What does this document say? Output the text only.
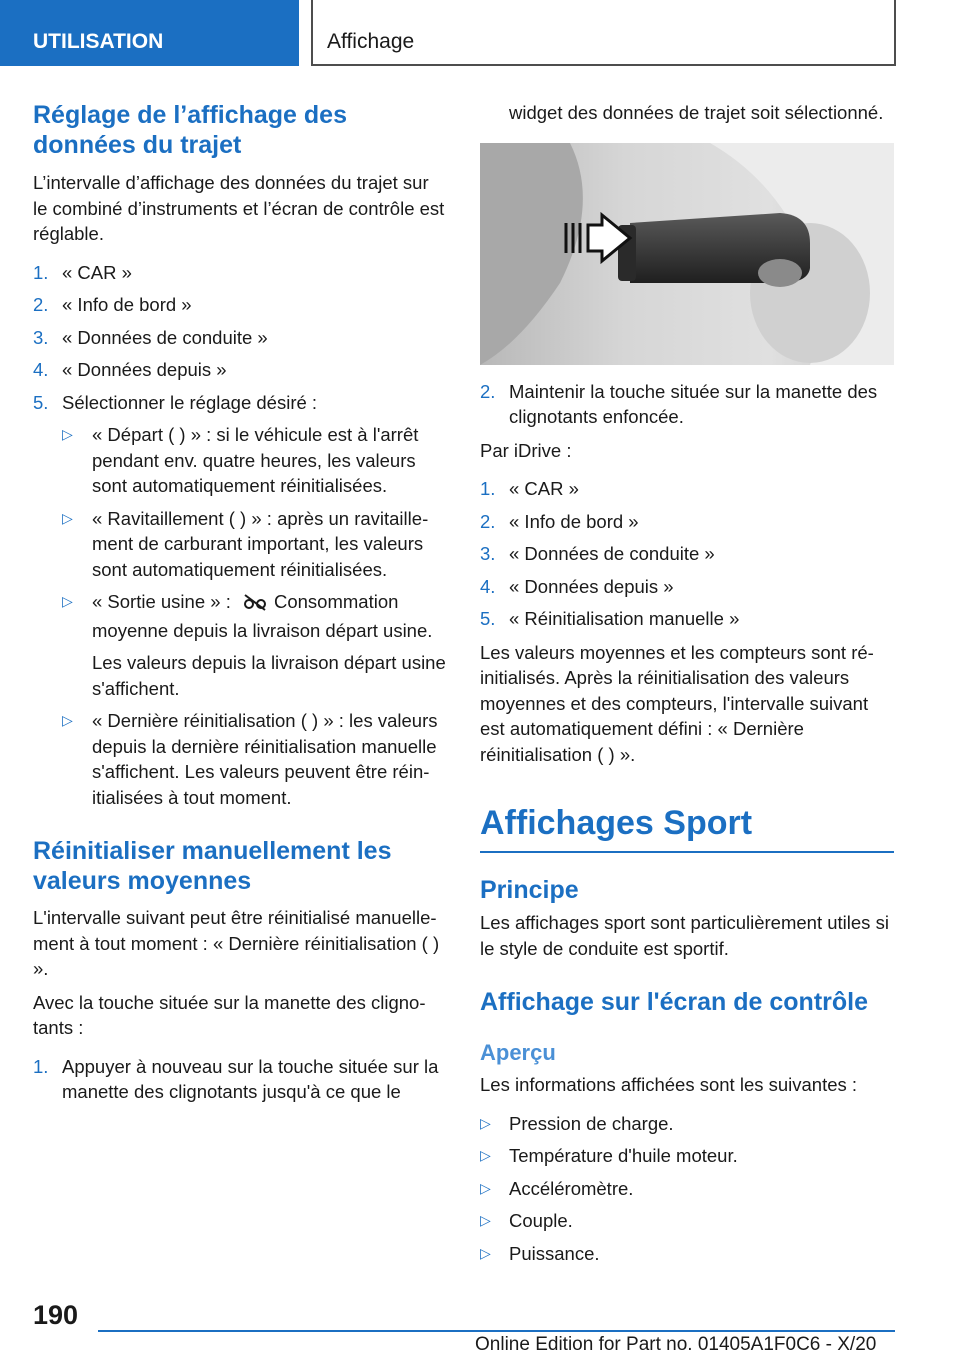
UTILISATION	Affichage
Réglage de l’affichage des données du trajet

L’intervalle d’affichage des données du trajet sur le combiné d’instruments et l’écran de contrôle est réglable.

1. « CAR »
2. « Info de bord »
3. « Données de conduite »
4. « Données depuis »
5. Sélectionner le réglage désiré :
▷ « Départ ( ) » : si le véhicule est à l'arrêt pendant env. quatre heures, les valeurs sont automatiquement réinitialisées.
▷ « Ravitaillement ( ) » : après un ravitaillement de carburant important, les valeurs sont automatiquement réinitialisées.
▷ « Sortie usine » : Consommation moyenne depuis la livraison départ usine.
Les valeurs depuis la livraison départ usine s'affichent.
▷ « Dernière réinitialisation ( ) » : les valeurs depuis la dernière réinitialisation manuelle s'affichent. Les valeurs peuvent être réinitialisées à tout moment.
Réinitialiser manuellement les valeurs moyennes

L'intervalle suivant peut être réinitialisé manuellement à tout moment : « Dernière réinitialisation ( ) ».

Avec la touche située sur la manette des clignotants :

1. Appuyer à nouveau sur la touche située sur la manette des clignotants jusqu'à ce que le

widget des données de trajet soit sélectionné.

2. Maintenir la touche située sur la manette des clignotants enfoncée.

Par iDrive :

1. « CAR »
2. « Info de bord »
3. « Données de conduite »
4. « Données depuis »
5. « Réinitialisation manuelle »

Les valeurs moyennes et les compteurs sont réinitialisés. Après la réinitialisation des valeurs moyennes et des compteurs, l'intervalle suivant est automatiquement défini : « Dernière réinitialisation ( ) ».

Affichages Sport
Principe

Les affichages sport sont particulièrement utiles si le style de conduite est sportif.

Affichage sur l'écran de contrôle
Aperçu

Les informations affichées sont les suivantes :

▷ Pression de charge.
▷ Température d'huile moteur.
▷ Accéléromètre.
▷ Couple.
▷ Puissance.
190
Online Edition for Part no. 01405A1F0C6 - X/20
